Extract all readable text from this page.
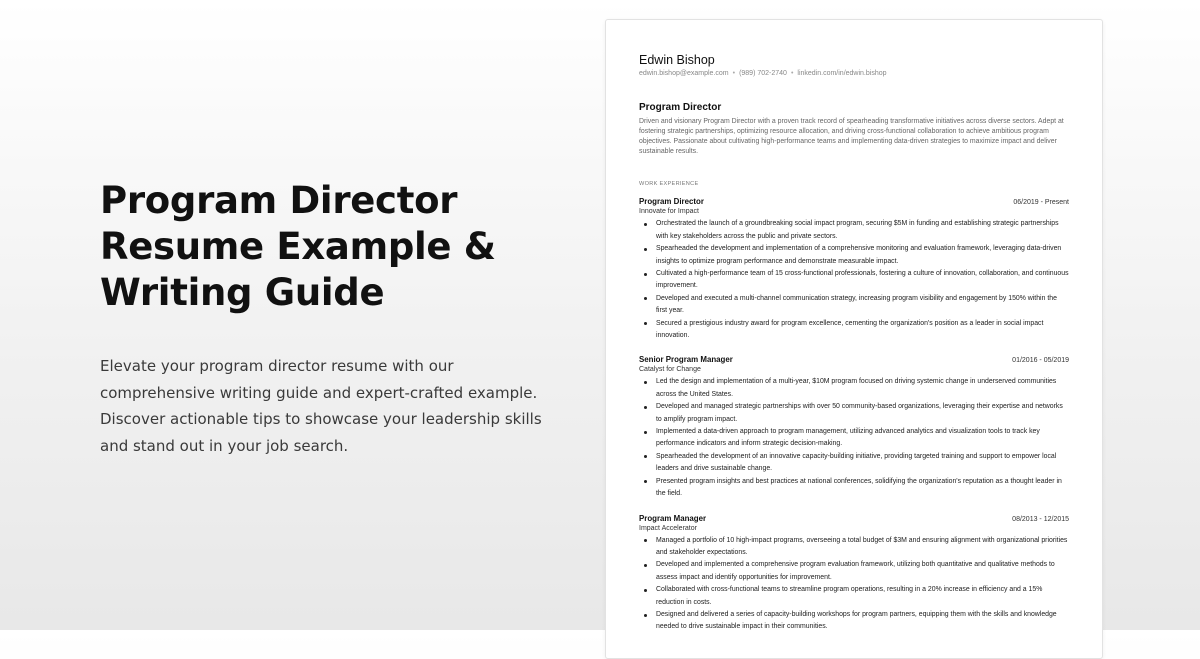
Program Director
Resume Example &
Writing Guide

Elevate your program director resume with our
comprehensive writing guide and expert-crafted example.
Discover actionable tips to showcase your leadership skills
and stand out in your job search.

Edwin Bishop
edwin.bishop@example.com • (989) 702-2740 • linkedin.com/in/edwin.bishop
Program Director

Driven and visionary Program Director with a proven track record of spearheading transformative initiatives across diverse sectors. Adept at fostering strategic partnerships, optimizing resource allocation, and driving cross-functional collaboration to achieve ambitious program objectives. Passionate about cultivating high-performance teams and implementing data-driven strategies to maximize impact and deliver sustainable results.

WORK EXPERIENCE
Program Director	06/2019 - Present
Innovate for Impact
Orchestrated the launch of a groundbreaking social impact program, securing $5M in funding and establishing strategic partnerships with key stakeholders across the public and private sectors.
Spearheaded the development and implementation of a comprehensive monitoring and evaluation framework, leveraging data-driven insights to optimize program performance and demonstrate measurable impact.
Cultivated a high-performance team of 15 cross-functional professionals, fostering a culture of innovation, collaboration, and continuous improvement.
Developed and executed a multi-channel communication strategy, increasing program visibility and engagement by 150% within the first year.
Secured a prestigious industry award for program excellence, cementing the organization's position as a leader in social impact innovation.
Senior Program Manager	01/2016 - 05/2019
Catalyst for Change
Led the design and implementation of a multi-year, $10M program focused on driving systemic change in underserved communities across the United States.
Developed and managed strategic partnerships with over 50 community-based organizations, leveraging their expertise and networks to amplify program impact.
Implemented a data-driven approach to program management, utilizing advanced analytics and visualization tools to track key performance indicators and inform strategic decision-making.
Spearheaded the development of an innovative capacity-building initiative, providing targeted training and support to empower local leaders and drive sustainable change.
Presented program insights and best practices at national conferences, solidifying the organization's reputation as a thought leader in the field.
Program Manager	08/2013 - 12/2015
Impact Accelerator
Managed a portfolio of 10 high-impact programs, overseeing a total budget of $3M and ensuring alignment with organizational priorities and stakeholder expectations.
Developed and implemented a comprehensive program evaluation framework, utilizing both quantitative and qualitative methods to assess impact and identify opportunities for improvement.
Collaborated with cross-functional teams to streamline program operations, resulting in a 20% increase in efficiency and a 15% reduction in costs.
Designed and delivered a series of capacity-building workshops for program partners, equipping them with the skills and knowledge needed to drive sustainable impact in their communities.
